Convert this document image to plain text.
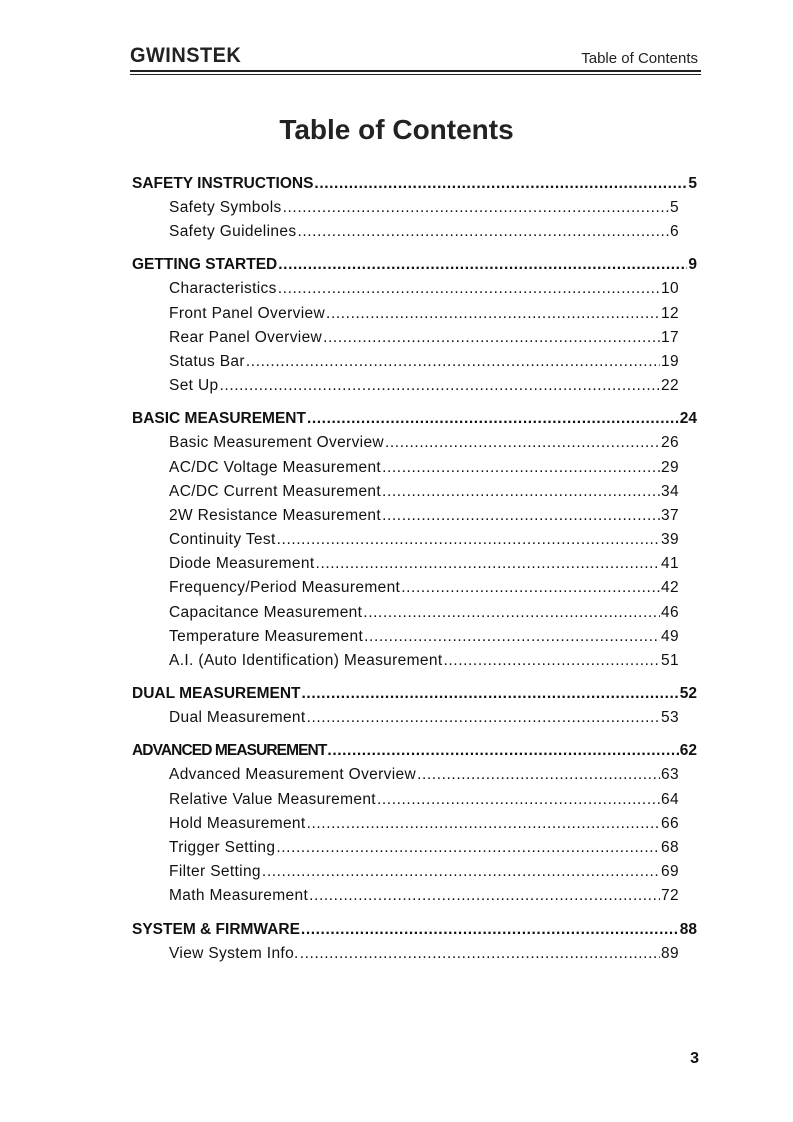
GWINSTEK	Table of Contents
Table of Contents
SAFETY INSTRUCTIONS .....	5
Safety Symbols .....	5
Safety Guidelines .....	6
GETTING STARTED .....	9
Characteristics .....	10
Front Panel Overview .....	12
Rear Panel Overview .....	17
Status Bar .....	19
Set Up .....	22
BASIC MEASUREMENT .....	24
Basic Measurement Overview .....	26
AC/DC Voltage Measurement .....	29
AC/DC Current Measurement .....	34
2W Resistance Measurement .....	37
Continuity Test .....	39
Diode Measurement .....	41
Frequency/Period Measurement .....	42
Capacitance Measurement .....	46
Temperature Measurement .....	49
A.I. (Auto Identification) Measurement .....	51
DUAL MEASUREMENT .....	52
Dual Measurement .....	53
ADVANCED MEASUREMENT .....	62
Advanced Measurement Overview .....	63
Relative Value Measurement .....	64
Hold Measurement .....	66
Trigger Setting .....	68
Filter Setting .....	69
Math Measurement .....	72
SYSTEM & FIRMWARE .....	88
View System Info. .....	89
3
